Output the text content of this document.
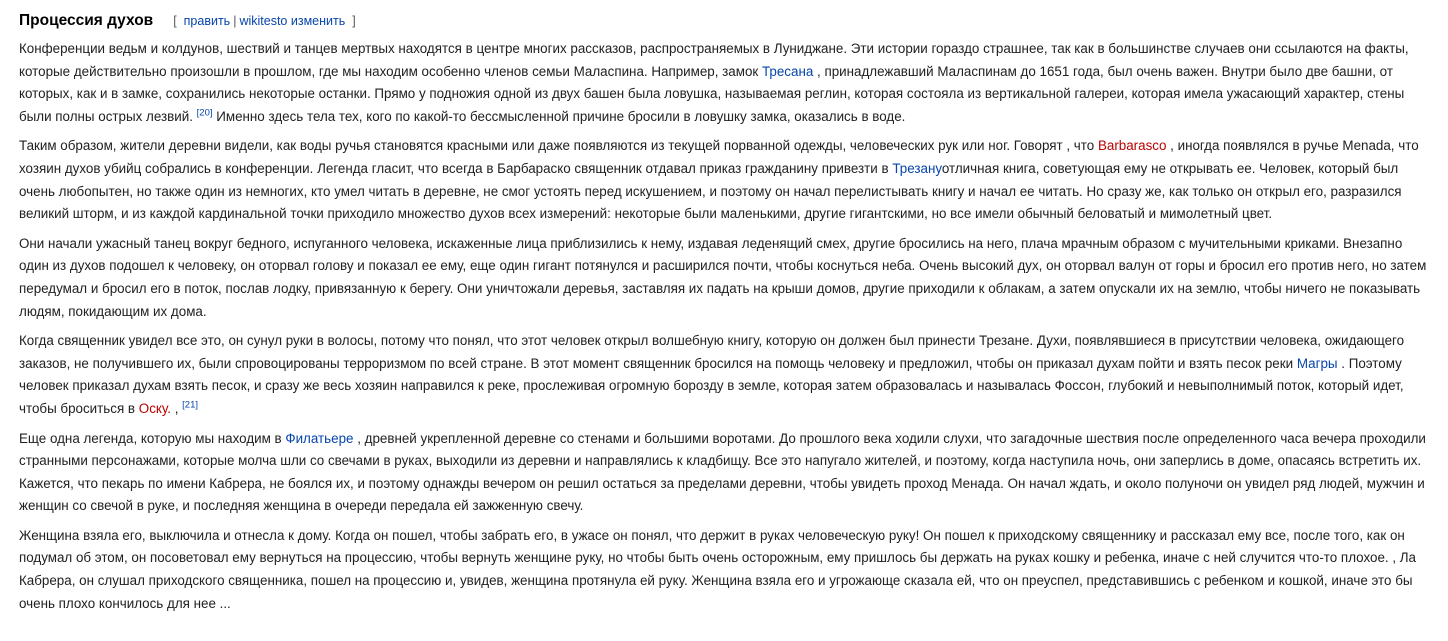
Процессия духов [ править | wikitesto изменить ]

Конференции ведьм и колдунов, шествий и танцев мертвых находятся в центре многих рассказов, распространяемых в Луниджане. Эти истории гораздо страшнее, так как в большинстве случаев они ссылаются на факты, которые действительно произошли в прошлом, где мы находим особенно членов семьи Маласпина. Например, замок Тресана , принадлежавший Маласпинам до 1651 года, был очень важен. Внутри было две башни, от которых, как и в замке, сохранились некоторые останки. Прямо у подножия одной из двух башен была ловушка, называемая реглин, которая состояла из вертикальной галереи, которая имела ужасающий характер, стены были полны острых лезвий. [20] Именно здесь тела тех, кого по какой-то бессмысленной причине бросили в ловушку замка, оказались в воде.

Таким образом, жители деревни видели, как воды ручья становятся красными или даже появляются из текущей порванной одежды, человеческих рук или ног. Говорят , что Barbarasco , иногда появлялся в ручье Menada, что хозяин духов убийц собрались в конференции. Легенда гласит, что всегда в Барбараско священник отдавал приказ гражданину привезти в Трезануотличная книга, советующая ему не открывать ее. Человек, который был очень любопытен, но также один из немногих, кто умел читать в деревне, не смог устоять перед искушением, и поэтому он начал перелистывать книгу и начал ее читать. Но сразу же, как только он открыл его, разразился великий шторм, и из каждой кардинальной точки приходило множество духов всех измерений: некоторые были маленькими, другие гигантскими, но все имели обычный беловатый и мимолетный цвет.

Они начали ужасный танец вокруг бедного, испуганного человека, искаженные лица приблизились к нему, издавая леденящий смех, другие бросились на него, плача мрачным образом с мучительными криками. Внезапно один из духов подошел к человеку, он оторвал голову и показал ее ему, еще один гигант потянулся и расширился почти, чтобы коснуться неба. Очень высокий дух, он оторвал валун от горы и бросил его против него, но затем передумал и бросил его в поток, послав лодку, привязанную к берегу. Они уничтожали деревья, заставляя их падать на крыши домов, другие приходили к облакам, а затем опускали их на землю, чтобы ничего не показывать людям, покидающим их дома.

Когда священник увидел все это, он сунул руки в волосы, потому что понял, что этот человек открыл волшебную книгу, которую он должен был принести Трезане. Духи, появлявшиеся в присутствии человека, ожидающего заказов, не получившего их, были спровоцированы терроризмом по всей стране. В этот момент священник бросился на помощь человеку и предложил, чтобы он приказал духам пойти и взять песок реки Магры . Поэтому человек приказал духам взять песок, и сразу же весь хозяин направился к реке, прослеживая огромную борозду в земле, которая затем образовалась и называлась Фоссон, глубокий и невыполнимый поток, который идет, чтобы броситься в Оску. , [21]

Еще одна легенда, которую мы находим в Филатьере , древней укрепленной деревне со стенами и большими воротами. До прошлого века ходили слухи, что загадочные шествия после определенного часа вечера проходили странными персонажами, которые молча шли со свечами в руках, выходили из деревни и направлялись к кладбищу. Все это напугало жителей, и поэтому, когда наступила ночь, они заперлись в доме, опасаясь встретить их. Кажется, что пекарь по имени Кабрера, не боялся их, и поэтому однажды вечером он решил остаться за пределами деревни, чтобы увидеть проход Менада. Он начал ждать, и около полуночи он увидел ряд людей, мужчин и женщин со свечой в руке, и последняя женщина в очереди передала ей зажженную свечу.

Женщина взяла его, выключила и отнесла к дому. Когда он пошел, чтобы забрать его, в ужасе он понял, что держит в руках человеческую руку! Он пошел к приходскому священнику и рассказал ему все, после того, как он подумал об этом, он посоветовал ему вернуться на процессию, чтобы вернуть женщине руку, но чтобы быть очень осторожным, ему пришлось бы держать на руках кошку и ребенка, иначе с ней случится что-то плохое. , Ла Кабрера, он слушал приходского священника, пошел на процессию и, увидев, женщина протянула ей руку. Женщина взяла его и угрожающе сказала ей, что он преуспел, представившись с ребенком и кошкой, иначе это бы очень плохо кончилось для нее ...
